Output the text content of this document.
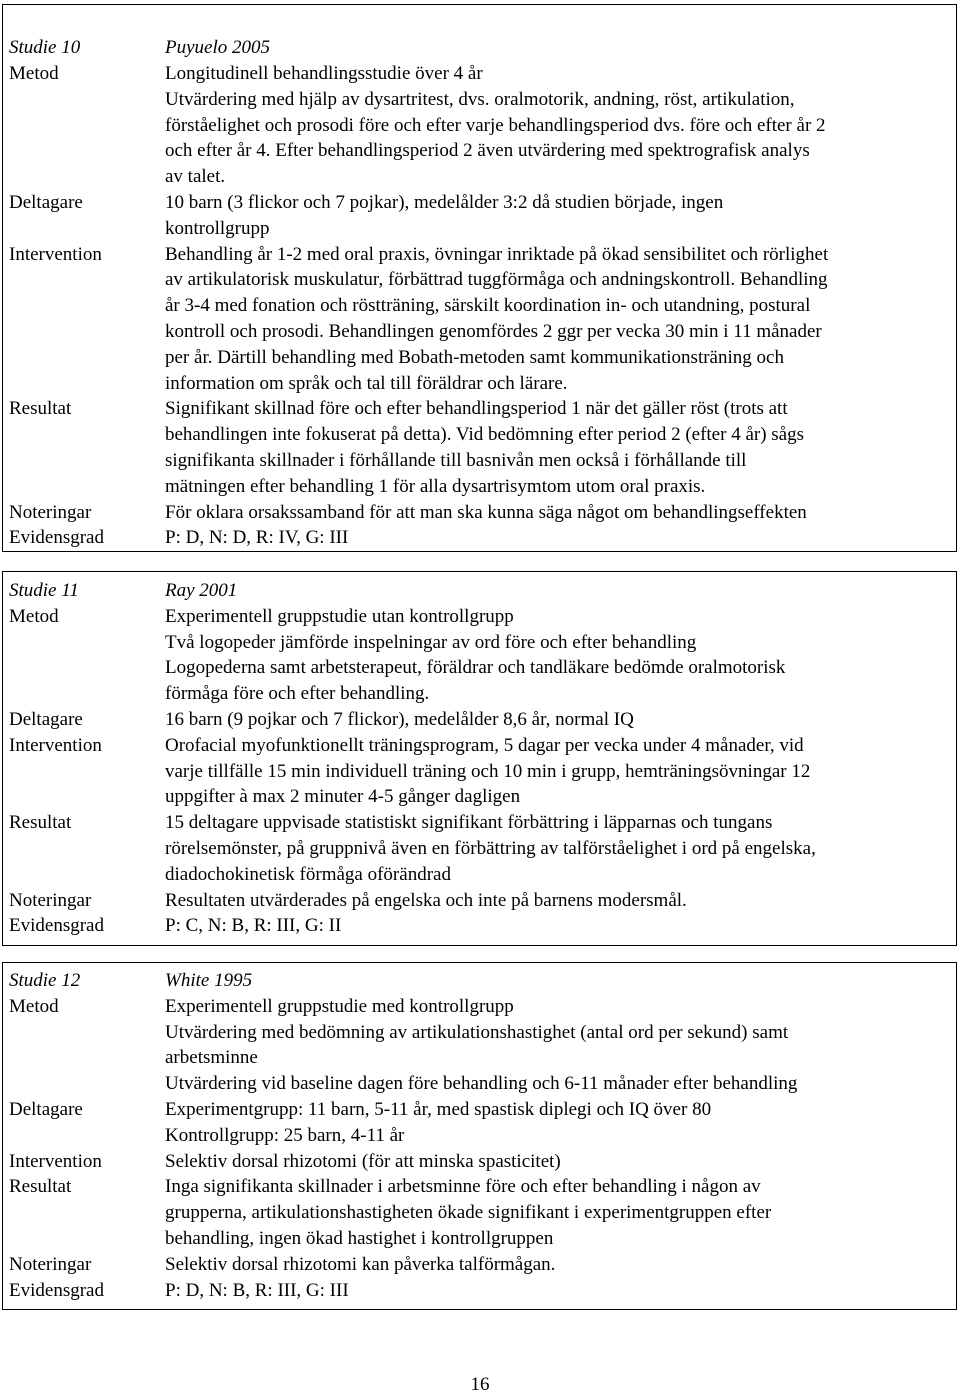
Studie 10	Puyuelo 2005
Metod	Longitudinell behandlingsstudie över 4 år
Utvärdering med hjälp av dysartritest, dvs. oralmotorik, andning, röst, artikulation,
förståelighet och prosodi före och efter varje behandlingsperiod dvs. före och efter år 2
och efter år 4. Efter behandlingsperiod 2 även utvärdering med spektrografisk analys
av talet.
Deltagare	10 barn (3 flickor och 7 pojkar), medelålder 3:2 då studien började, ingen
kontrollgrupp
Intervention	Behandling år 1-2 med oral praxis, övningar inriktade på ökad sensibilitet och rörlighet
av artikulatorisk muskulatur, förbättrad tuggförmåga och andningskontroll. Behandling
år 3-4 med fonation och röstträning, särskilt koordination in- och utandning, postural
kontroll och prosodi. Behandlingen genomfördes 2 ggr per vecka 30 min i 11 månader
per år. Därtill behandling med Bobath-metoden samt kommunikationsträning och
information om språk och tal till föräldrar och lärare.
Resultat	Signifikant skillnad före och efter behandlingsperiod 1 när det gäller röst (trots att
behandlingen inte fokuserat på detta). Vid bedömning efter period 2 (efter 4 år) sågs
signifikanta skillnader i förhållande till basnivån men också i förhållande till
mätningen efter behandling 1 för alla dysartrisymtom utom oral praxis.
Noteringar	För oklara orsakssamband för att man ska kunna säga något om behandlingseffekten
Evidensgrad	P: D, N: D, R: IV, G: III
Studie 11	Ray 2001
Metod	Experimentell gruppstudie utan kontrollgrupp
Två logopeder jämförde inspelningar av ord före och efter behandling
Logopederna samt arbetsterapeut, föräldrar och tandläkare bedömde oralmotorisk
förmåga före och efter behandling.
Deltagare	16 barn (9 pojkar och 7 flickor), medelålder 8,6 år, normal IQ
Intervention	Orofacial myofunktionellt träningsprogram, 5 dagar per vecka under 4 månader, vid
varje tillfälle 15 min individuell träning och 10 min i grupp, hemträningsövningar 12
uppgifter à max 2 minuter 4-5 gånger dagligen
Resultat	15 deltagare uppvisade statistiskt signifikant förbättring i läpparnas och tungans
rörelsemönster, på gruppnivå även en förbättring av talförståelighet i ord på engelska,
diadochokinetisk förmåga oförändrad
Noteringar	Resultaten utvärderades på engelska och inte på barnens modersmål.
Evidensgrad	P: C, N: B, R: III, G: II
Studie 12	White 1995
Metod	Experimentell gruppstudie med kontrollgrupp
Utvärdering med bedömning av artikulationshastighet (antal ord per sekund) samt
arbetsminne
Utvärdering vid baseline dagen före behandling och 6-11 månader efter behandling
Deltagare	Experimentgrupp: 11 barn, 5-11 år, med spastisk diplegi och IQ över 80
Kontrollgrupp: 25 barn, 4-11 år
Intervention	Selektiv dorsal rhizotomi (för att minska spasticitet)
Resultat	Inga signifikanta skillnader i arbetsminne före och efter behandling i någon av
grupperna, artikulationshastigheten ökade signifikant i experimentgruppen efter
behandling, ingen ökad hastighet i kontrollgruppen
Noteringar	Selektiv dorsal rhizotomi kan påverka talförmågan.
Evidensgrad	P: D, N: B, R: III, G: III
16
